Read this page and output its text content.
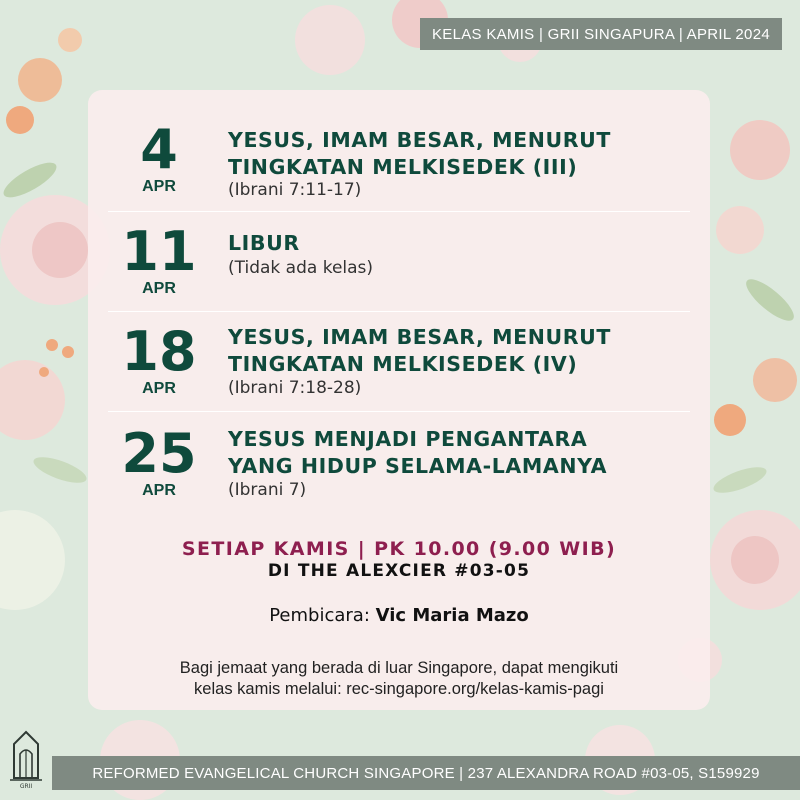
KELAS KAMIS | GRII SINGAPURA | APRIL 2024
4
APR
YESUS, IMAM BESAR, MENURUT
TINGKATAN MELKISEDEK (III)
(Ibrani 7:11-17)
11
APR
LIBUR
(Tidak ada kelas)
18
APR
YESUS, IMAM BESAR, MENURUT
TINGKATAN MELKISEDEK (IV)
(Ibrani 7:18-28)
25
APR
YESUS MENJADI PENGANTARA
YANG HIDUP SELAMA-LAMANYA
(Ibrani 7)
SETIAP KAMIS | PK 10.00 (9.00 WIB)
DI THE ALEXCIER #03-05
Pembicara: Vic Maria Mazo
Bagi jemaat yang berada di luar Singapore, dapat mengikuti
kelas kamis melalui: rec-singapore.org/kelas-kamis-pagi
GRII
REFORMED EVANGELICAL CHURCH SINGAPORE | 237 ALEXANDRA ROAD #03-05, S159929
